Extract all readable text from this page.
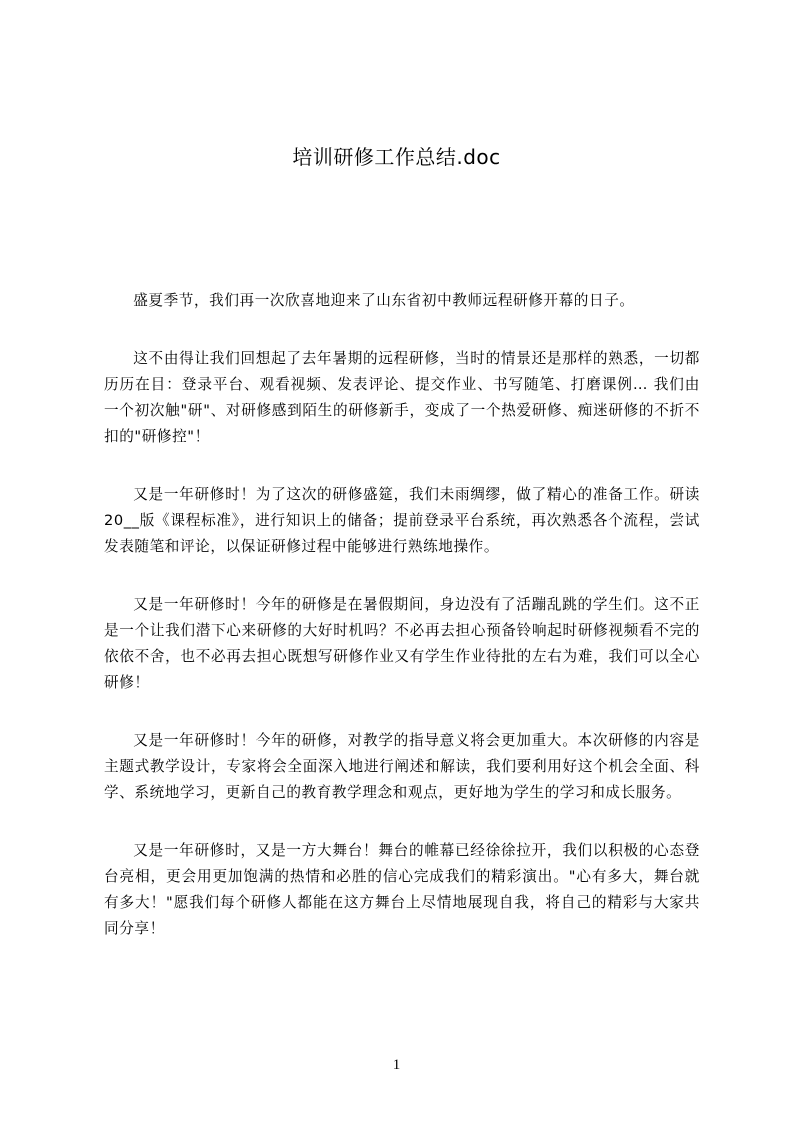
培训研修工作总结.doc

盛夏季节，我们再一次欣喜地迎来了山东省初中教师远程研修开幕的日子。

这不由得让我们回想起了去年暑期的远程研修，当时的情景还是那样的熟悉，一切都历历在目：登录平台、观看视频、发表评论、提交作业、书写随笔、打磨课例… 我们由一个初次触"研"、对研修感到陌生的研修新手，变成了一个热爱研修、痴迷研修的不折不扣的"研修控"！

又是一年研修时！为了这次的研修盛筵，我们未雨绸缪，做了精心的准备工作。研读 20__版《课程标准》，进行知识上的储备；提前登录平台系统，再次熟悉各个流程，尝试发表随笔和评论，以保证研修过程中能够进行熟练地操作。

又是一年研修时！今年的研修是在暑假期间，身边没有了活蹦乱跳的学生们。这不正是一个让我们潜下心来研修的大好时机吗？不必再去担心预备铃响起时研修视频看不完的依依不舍，也不必再去担心既想写研修作业又有学生作业待批的左右为难，我们可以全心研修！

又是一年研修时！今年的研修，对教学的指导意义将会更加重大。本次研修的内容是主题式教学设计，专家将会全面深入地进行阐述和解读，我们要利用好这个机会全面、科学、系统地学习，更新自己的教育教学理念和观点，更好地为学生的学习和成长服务。

又是一年研修时，又是一方大舞台！舞台的帷幕已经徐徐拉开，我们以积极的心态登台亮相，更会用更加饱满的热情和必胜的信心完成我们的精彩演出。"心有多大，舞台就有多大！"愿我们每个研修人都能在这方舞台上尽情地展现自我，将自己的精彩与大家共同分享！

1
